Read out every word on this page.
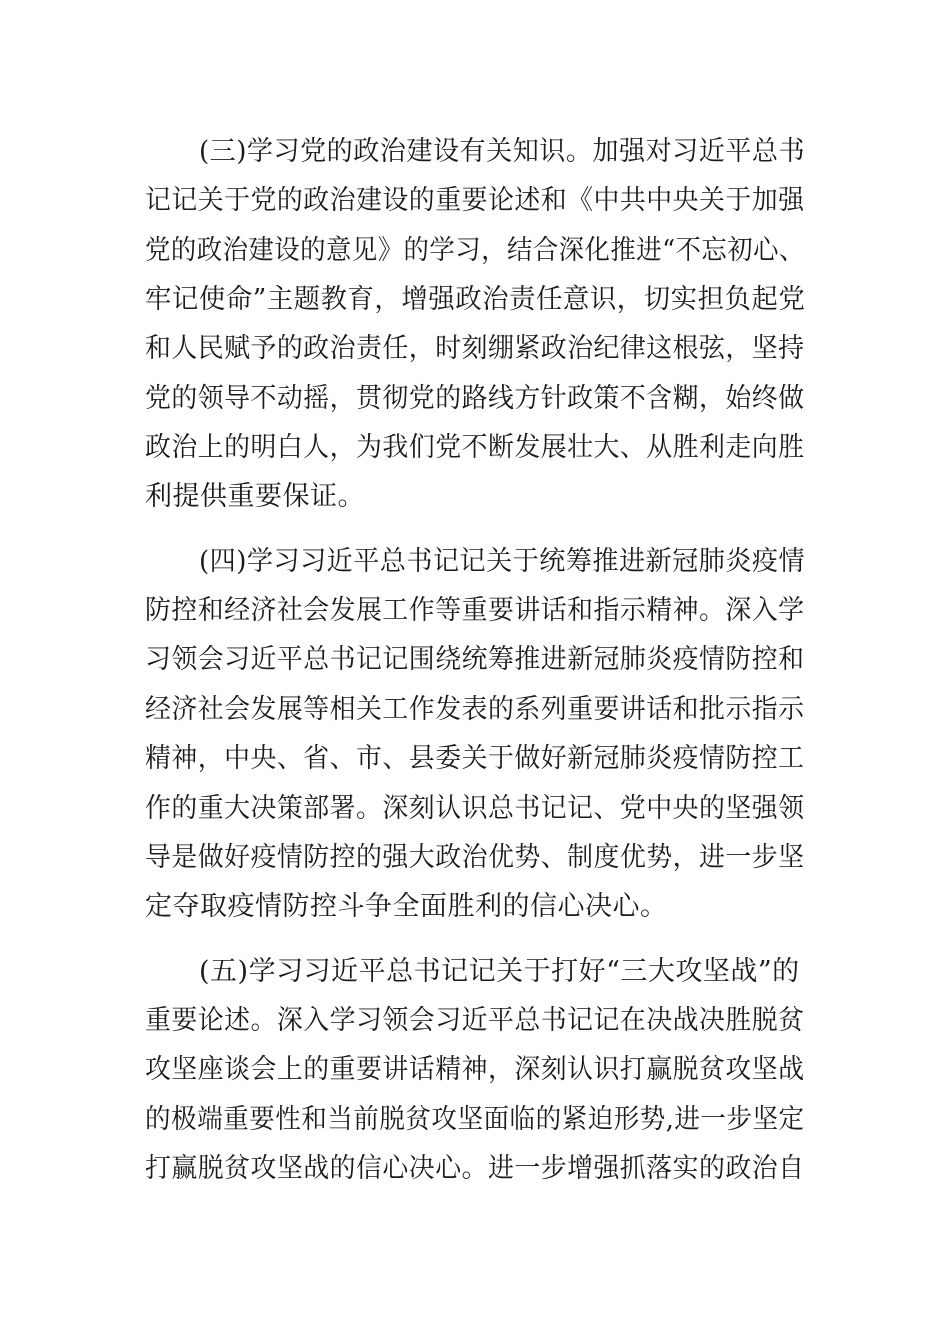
(三)学习党的政治建设有关知识。加强对习近平总书
记记关于党的政治建设的重要论述和《中共中央关于加强
党的政治建设的意见》的学习，结合深化推进“不忘初心、
牢记使命”主题教育，增强政治责任意识，切实担负起党
和人民赋予的政治责任，时刻绷紧政治纪律这根弦，坚持
党的领导不动摇，贯彻党的路线方针政策不含糊，始终做
政治上的明白人，为我们党不断发展壮大、从胜利走向胜
利提供重要保证。
(四)学习习近平总书记记关于统筹推进新冠肺炎疫情
防控和经济社会发展工作等重要讲话和指示精神。深入学
习领会习近平总书记记围绕统筹推进新冠肺炎疫情防控和
经济社会发展等相关工作发表的系列重要讲话和批示指示
精神，中央、省、市、县委关于做好新冠肺炎疫情防控工
作的重大决策部署。深刻认识总书记记、党中央的坚强领
导是做好疫情防控的强大政治优势、制度优势，进一步坚
定夺取疫情防控斗争全面胜利的信心决心。
(五)学习习近平总书记记关于打好“三大攻坚战”的
重要论述。深入学习领会习近平总书记记在决战决胜脱贫
攻坚座谈会上的重要讲话精神，深刻认识打赢脱贫攻坚战
的极端重要性和当前脱贫攻坚面临的紧迫形势,进一步坚定
打赢脱贫攻坚战的信心决心。进一步增强抓落实的政治自
